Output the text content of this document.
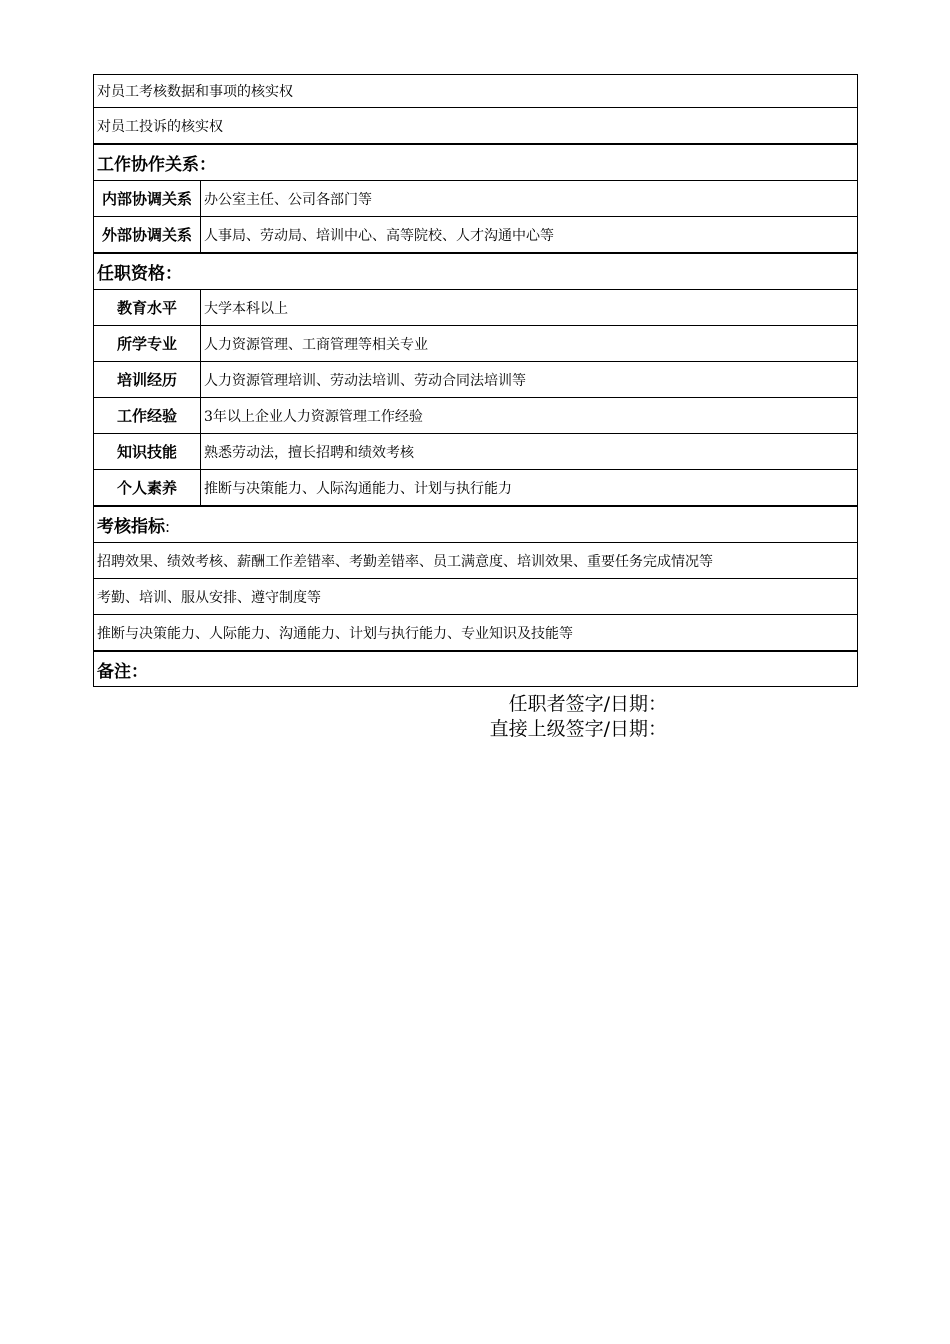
对员工考核数据和事项的核实权	
对员工投诉的核实权	
工作协作关系：	
内部协调关系	办公室主任、公司各部门等
外部协调关系	人事局、劳动局、培训中心、高等院校、人才沟通中心等
任职资格：	
教育水平	大学本科以上
所学专业	人力资源管理、工商管理等相关专业
培训经历	人力资源管理培训、劳动法培训、劳动合同法培训等
工作经验	3年以上企业人力资源管理工作经验
知识技能	熟悉劳动法，擅长招聘和绩效考核
个人素养	推断与决策能力、人际沟通能力、计划与执行能力
考核指标:	
招聘效果、绩效考核、薪酬工作差错率、考勤差错率、员工满意度、培训效果、重要任务完成情况等	
考勤、培训、服从安排、遵守制度等	
推断与决策能力、人际能力、沟通能力、计划与执行能力、专业知识及技能等	
备注：	
任职者签字/日期：
直接上级签字/日期：
